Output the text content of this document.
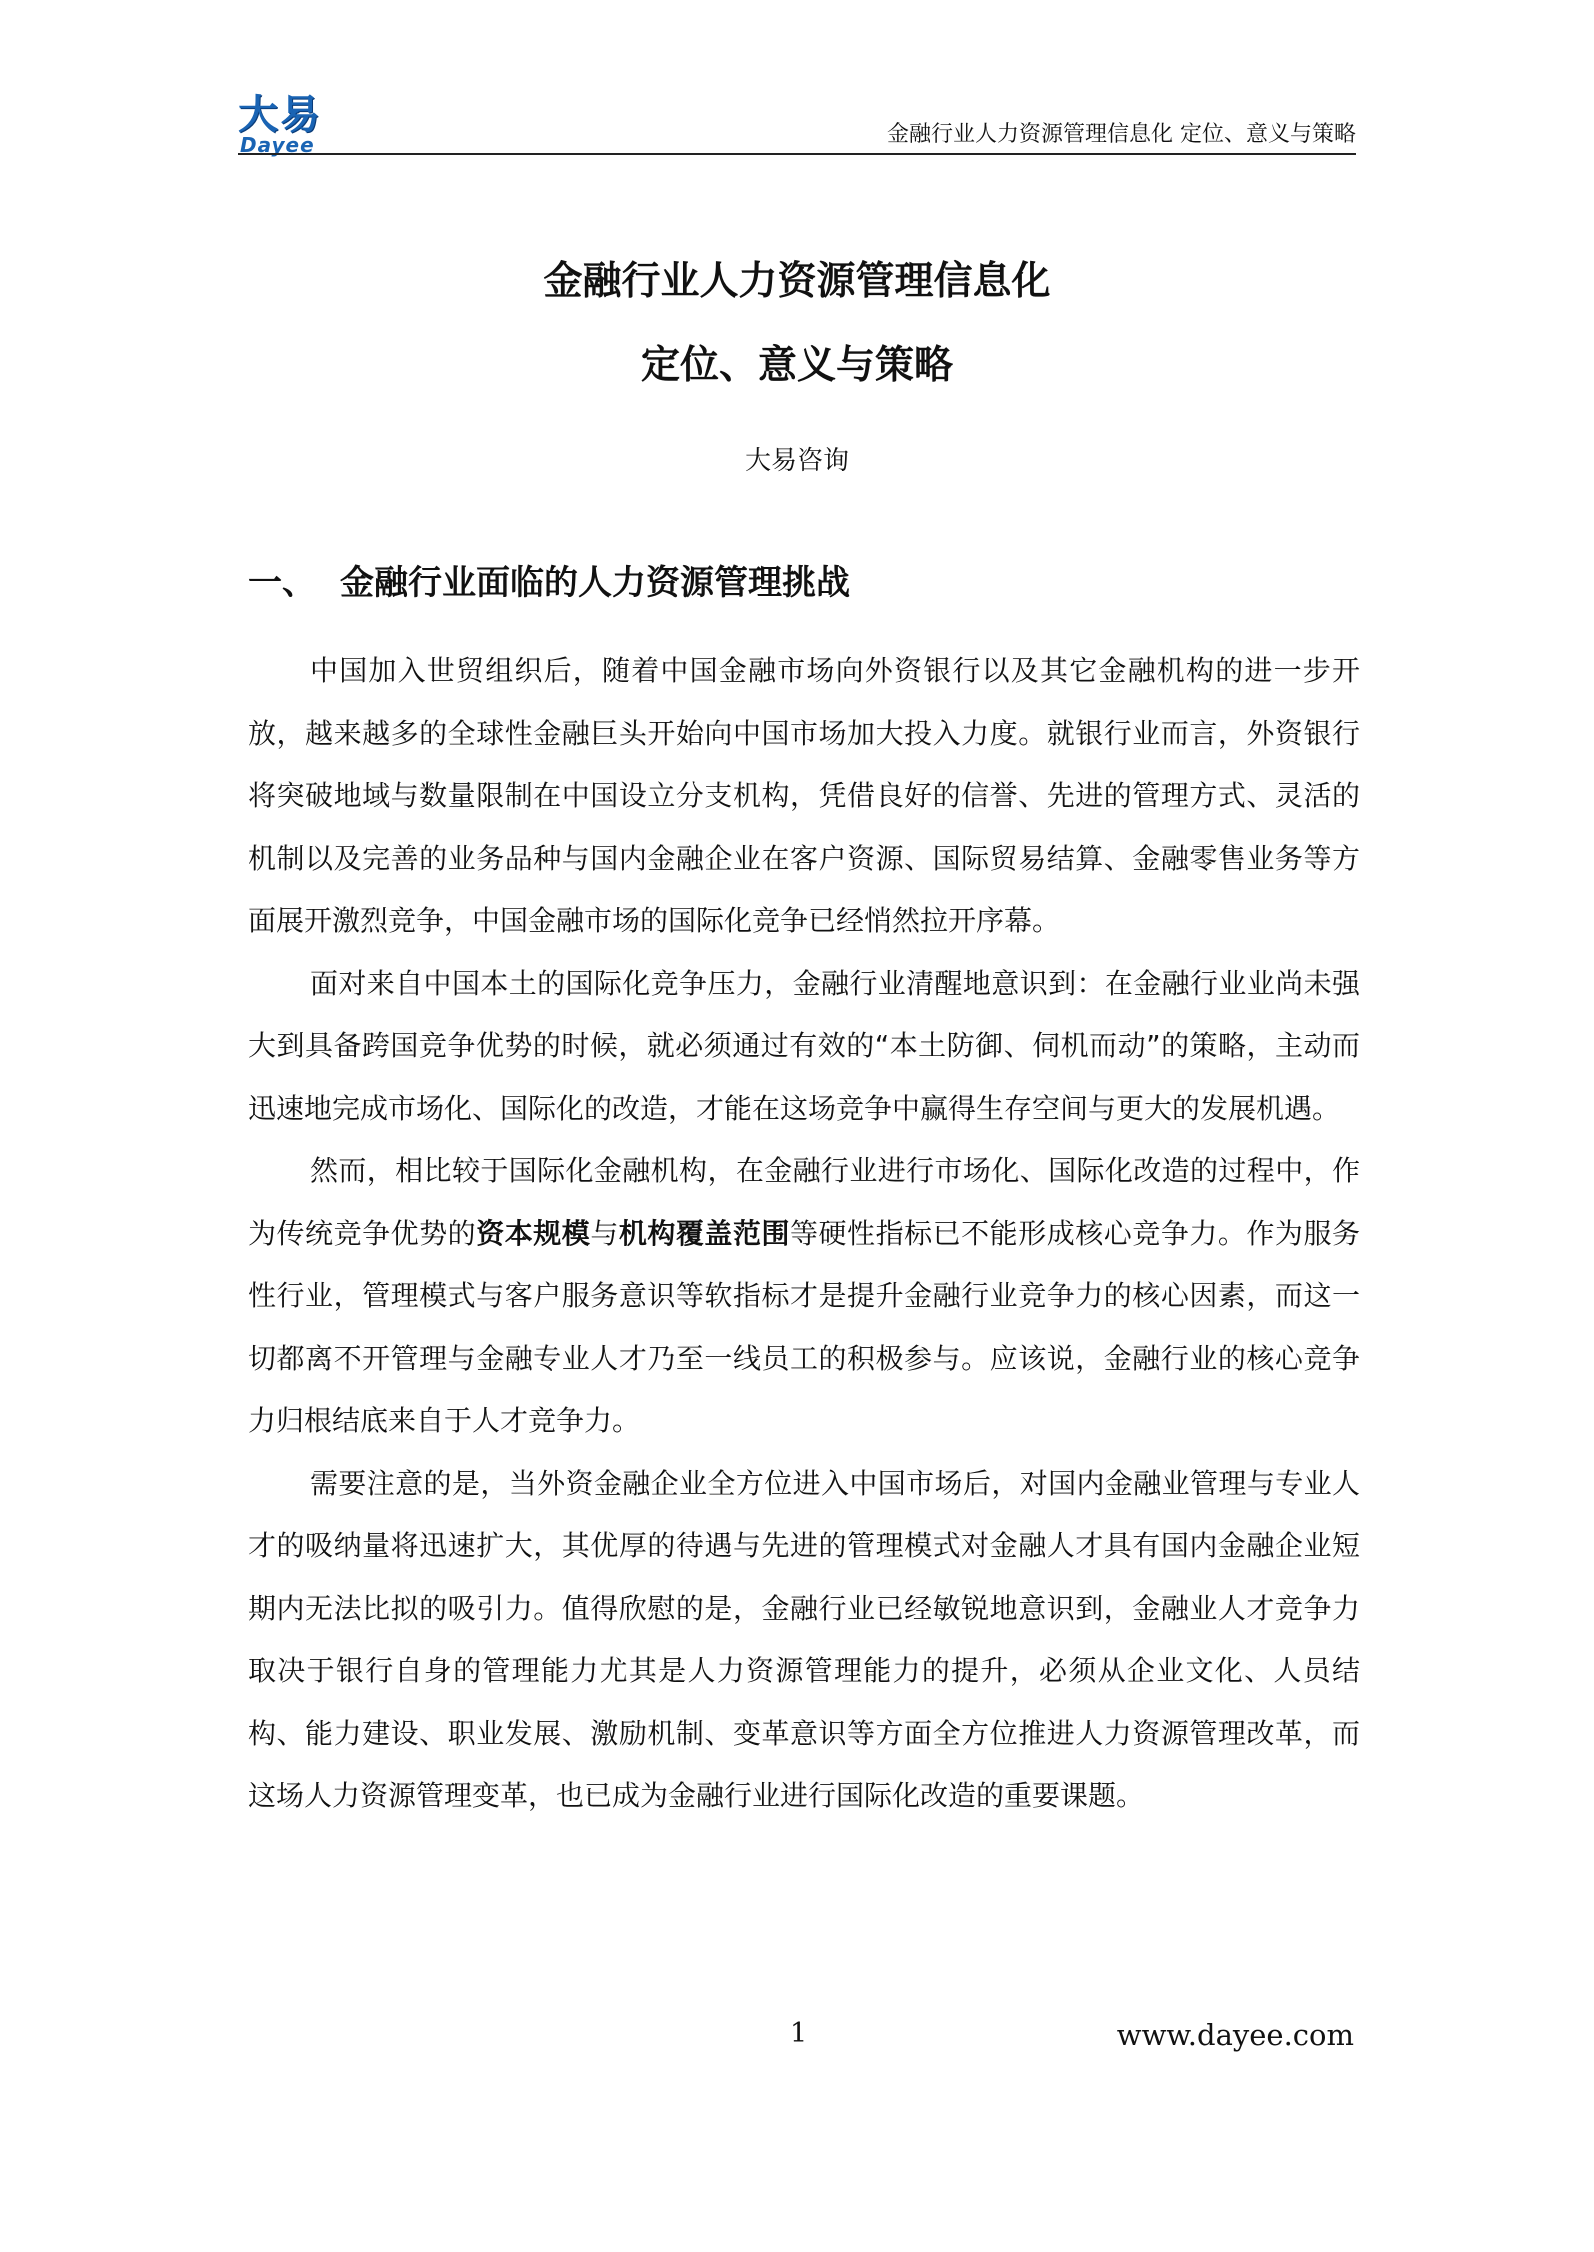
大易
Dayee	金融行业人力资源管理信息化 定位、意义与策略
金融行业人力资源管理信息化
定位、意义与策略
大易咨询
一、 金融行业面临的人力资源管理挑战

中国加入世贸组织后，随着中国金融市场向外资银行以及其它金融机构的进一步开放，越来越多的全球性金融巨头开始向中国市场加大投入力度。就银行业而言，外资银行将突破地域与数量限制在中国设立分支机构，凭借良好的信誉、先进的管理方式、灵活的机制以及完善的业务品种与国内金融企业在客户资源、国际贸易结算、金融零售业务等方面展开激烈竞争，中国金融市场的国际化竞争已经悄然拉开序幕。

面对来自中国本土的国际化竞争压力，金融行业清醒地意识到：在金融行业业尚未强大到具备跨国竞争优势的时候，就必须通过有效的“本土防御、伺机而动”的策略，主动而迅速地完成市场化、国际化的改造，才能在这场竞争中赢得生存空间与更大的发展机遇。

然而，相比较于国际化金融机构，在金融行业进行市场化、国际化改造的过程中，作为传统竞争优势的资本规模与机构覆盖范围等硬性指标已不能形成核心竞争力。作为服务性行业，管理模式与客户服务意识等软指标才是提升金融行业竞争力的核心因素，而这一切都离不开管理与金融专业人才乃至一线员工的积极参与。应该说，金融行业的核心竞争力归根结底来自于人才竞争力。

需要注意的是，当外资金融企业全方位进入中国市场后，对国内金融业管理与专业人才的吸纳量将迅速扩大，其优厚的待遇与先进的管理模式对金融人才具有国内金融企业短期内无法比拟的吸引力。值得欣慰的是，金融行业已经敏锐地意识到，金融业人才竞争力取决于银行自身的管理能力尤其是人力资源管理能力的提升，必须从企业文化、人员结构、能力建设、职业发展、激励机制、变革意识等方面全方位推进人力资源管理改革，而这场人力资源管理变革，也已成为金融行业进行国际化改造的重要课题。

1	www.dayee.com
